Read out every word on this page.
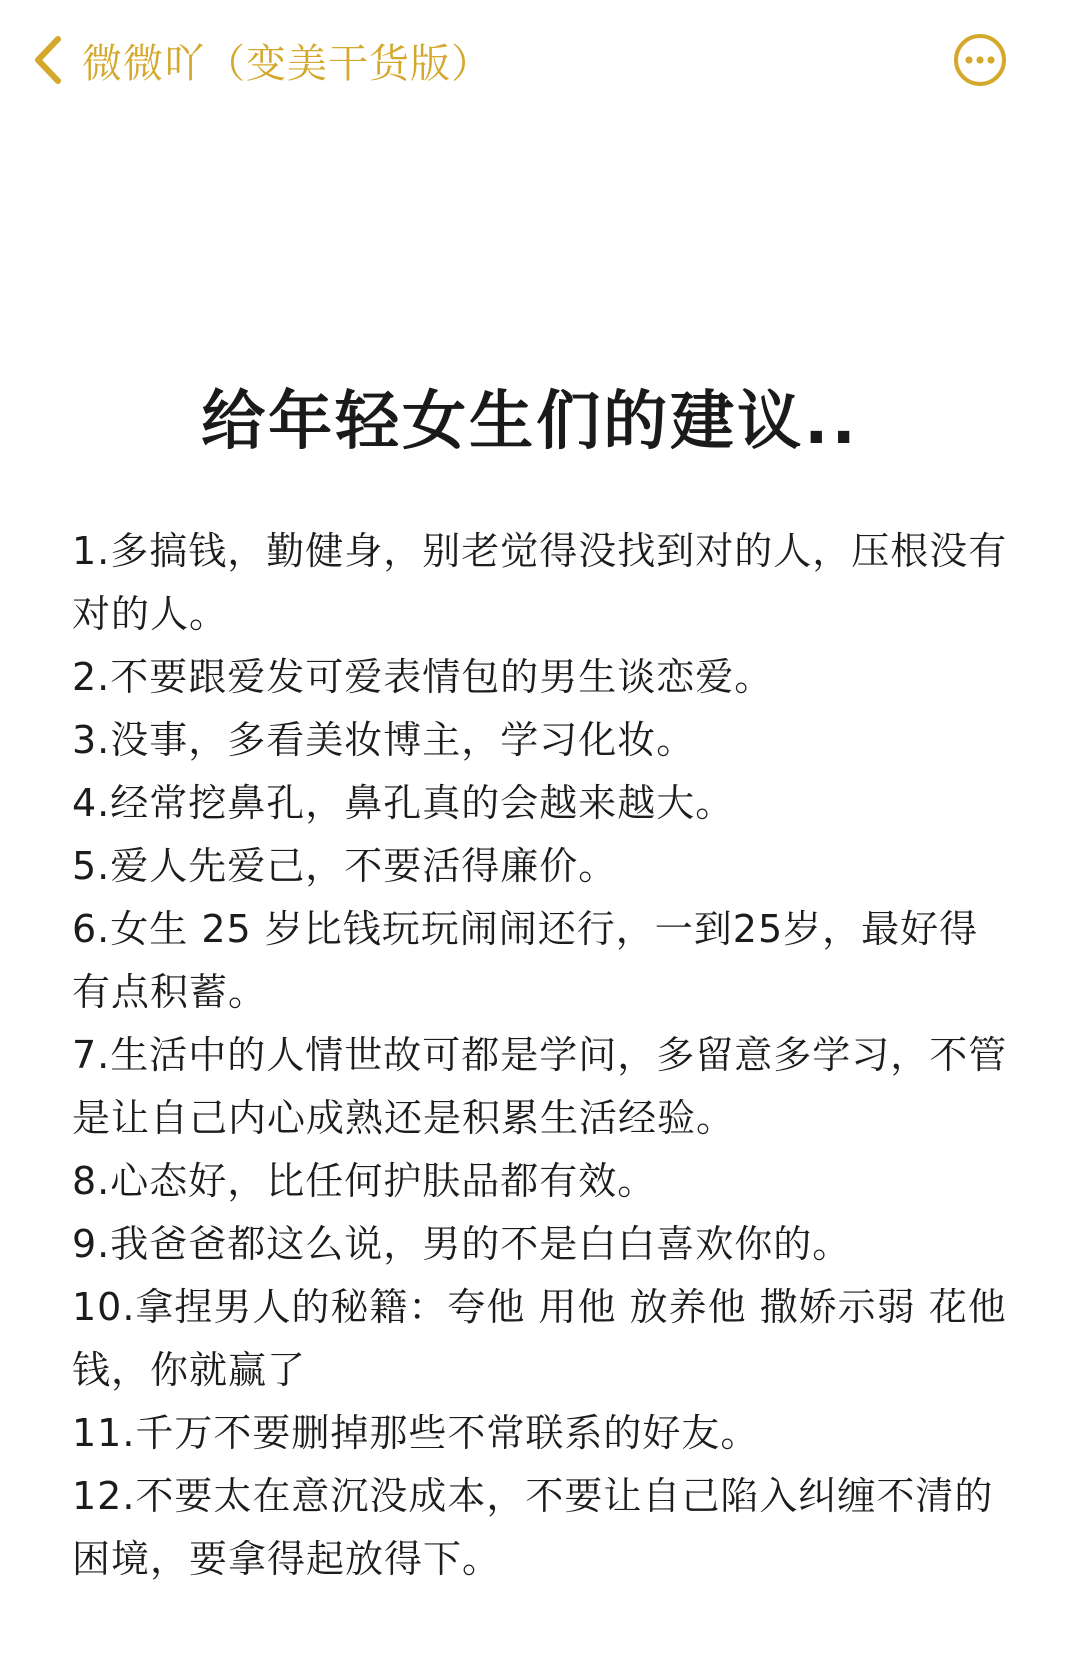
微微吖（变美干货版）
给年轻女生们的建议..
1.多搞钱，勤健身，别老觉得没找到对的人，压根没有对的人。
2.不要跟爱发可爱表情包的男生谈恋爱。
3.没事，多看美妆博主，学习化妆。
4.经常挖鼻孔，鼻孔真的会越来越大。
5.爱人先爱己，不要活得廉价。
6.女生 25 岁比钱玩玩闹闹还行，一到25岁，最好得有点积蓄。
7.生活中的人情世故可都是学问，多留意多学习，不管是让自己内心成熟还是积累生活经验。
8.心态好，比任何护肤品都有效。
9.我爸爸都这么说，男的不是白白喜欢你的。
10.拿捏男人的秘籍：夸他 用他 放养他 撒娇示弱 花他钱，你就赢了
11.千万不要删掉那些不常联系的好友。
12.不要太在意沉没成本，不要让自己陷入纠缠不清的困境，要拿得起放得下。
